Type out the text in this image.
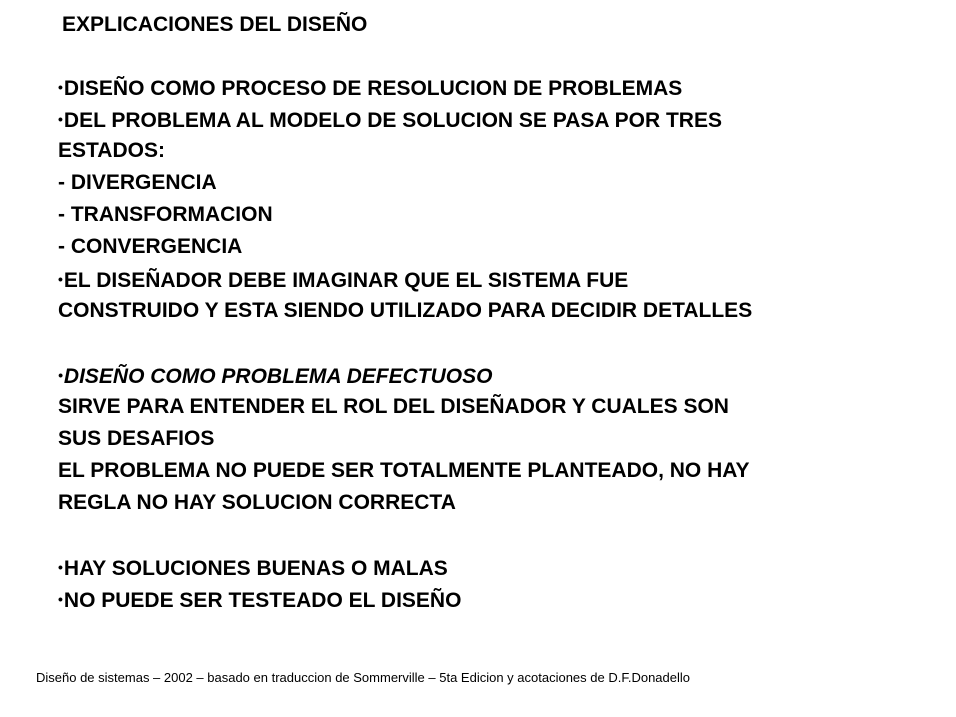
EXPLICACIONES DEL DISEÑO
•DISEÑO COMO PROCESO DE RESOLUCION DE PROBLEMAS
•DEL PROBLEMA AL MODELO DE SOLUCION SE PASA POR TRES
ESTADOS:
- DIVERGENCIA
- TRANSFORMACION
- CONVERGENCIA
•EL DISEÑADOR DEBE IMAGINAR QUE EL SISTEMA FUE
CONSTRUIDO Y ESTA SIENDO UTILIZADO PARA DECIDIR DETALLES
•DISEÑO COMO PROBLEMA DEFECTUOSO
SIRVE PARA ENTENDER EL ROL DEL DISEÑADOR Y CUALES SON
SUS DESAFIOS
EL PROBLEMA NO PUEDE SER TOTALMENTE PLANTEADO, NO HAY
REGLA NO HAY SOLUCION CORRECTA
•HAY SOLUCIONES BUENAS O MALAS
•NO PUEDE SER TESTEADO EL DISEÑO
Diseño de sistemas – 2002 – basado en traduccion de Sommerville – 5ta Edicion y acotaciones de D.F.Donadello
